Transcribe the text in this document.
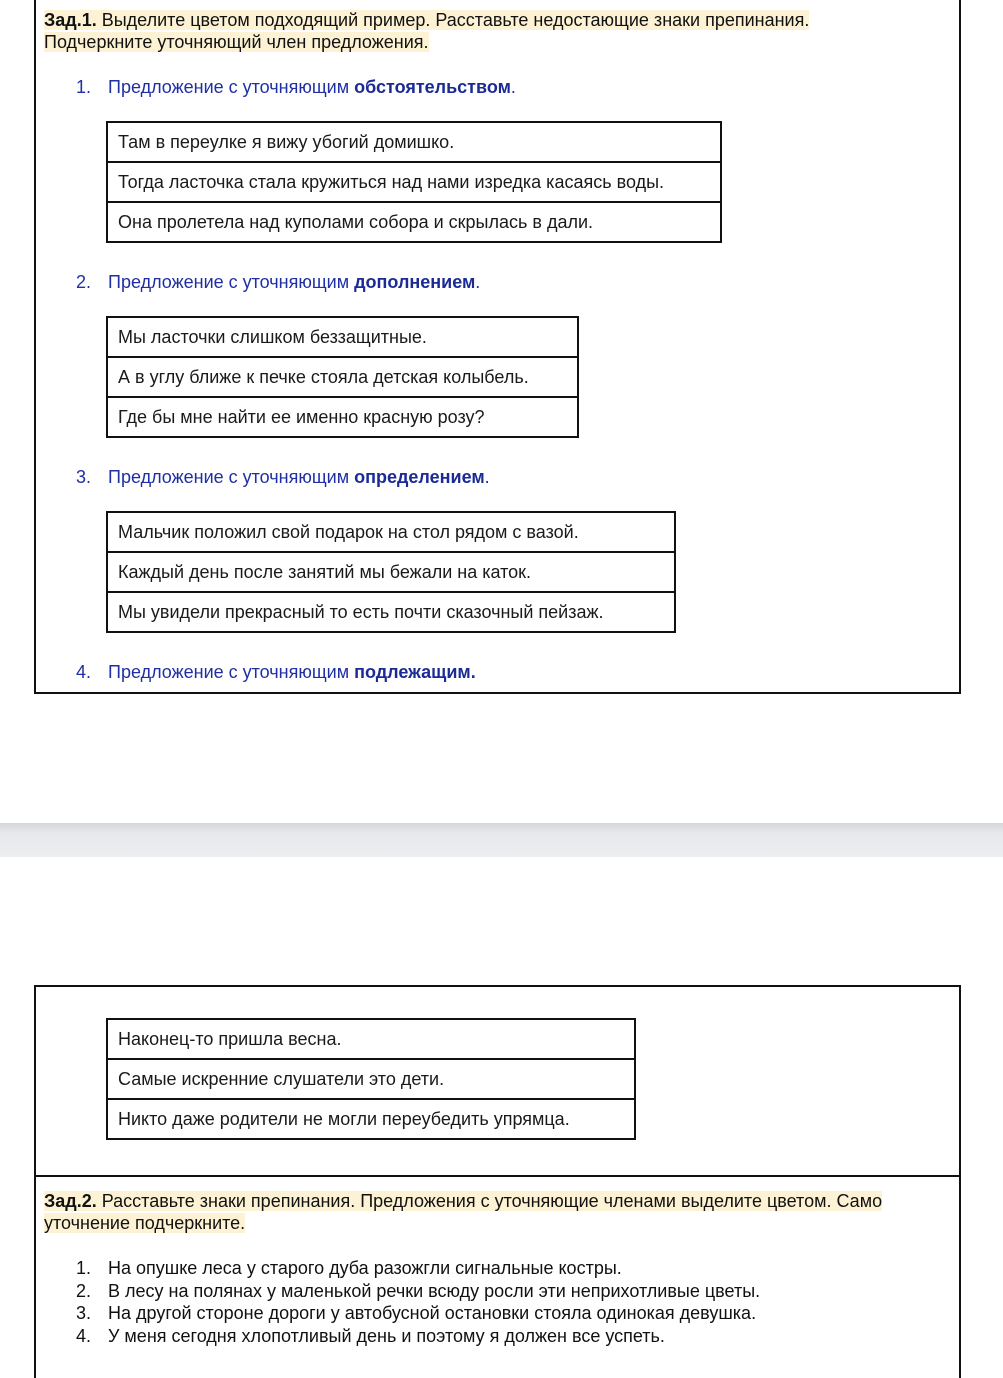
Зад.1. Выделите цветом подходящий пример. Расставьте недостающие знаки препинания.
Подчеркните уточняющий член предложения.
1. Предложение с уточняющим обстоятельством.
Там в переулке я вижу убогий домишко.
Тогда ласточка стала кружиться над нами изредка касаясь воды.
Она пролетела над куполами собора и скрылась в дали.
2. Предложение с уточняющим дополнением.
Мы ласточки слишком беззащитные.
А в углу ближе к печке стояла детская колыбель.
Где бы мне найти ее именно красную розу?
3. Предложение с уточняющим определением.
Мальчик положил свой подарок на стол рядом с вазой.
Каждый день после занятий мы бежали на каток.
Мы увидели прекрасный то есть почти сказочный пейзаж.
4. Предложение с уточняющим подлежащим.
Наконец-то пришла весна.
Самые искренние слушатели это дети.
Никто даже родители не могли переубедить упрямца.
Зад.2. Расставьте знаки препинания. Предложения с уточняющие членами выделите цветом. Само
уточнение подчеркните.
1. На опушке леса у старого дуба разожгли сигнальные костры.
2. В лесу на полянах у маленькой речки всюду росли эти неприхотливые цветы.
3. На другой стороне дороги у автобусной остановки стояла одинокая девушка.
4. У меня сегодня хлопотливый день и поэтому я должен все успеть.
